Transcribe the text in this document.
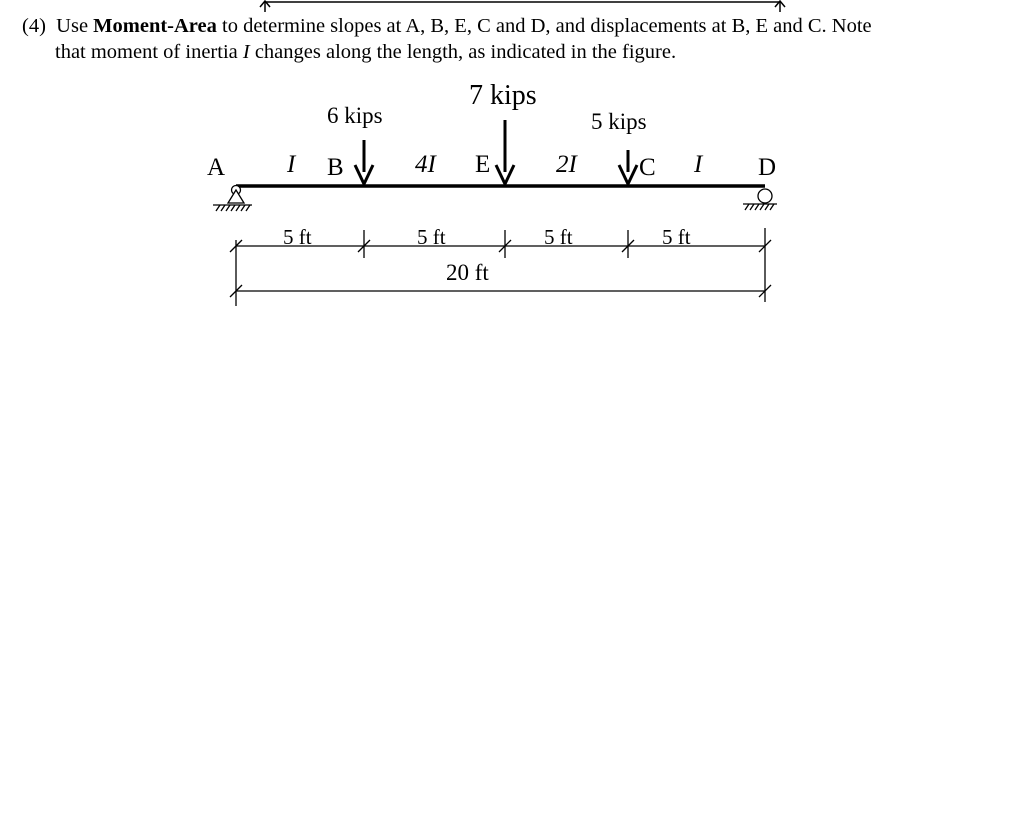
(4) Use Moment-Area to determine slopes at A, B, E, C and D, and displacements at B, E and C. Note
that moment of inertia I changes along the length, as indicated in the figure.
6 kips
7 kips
5 kips
A	B	E	C	D
I	4I	2I	I
5 ft	5 ft	5 ft	5 ft
20 ft
